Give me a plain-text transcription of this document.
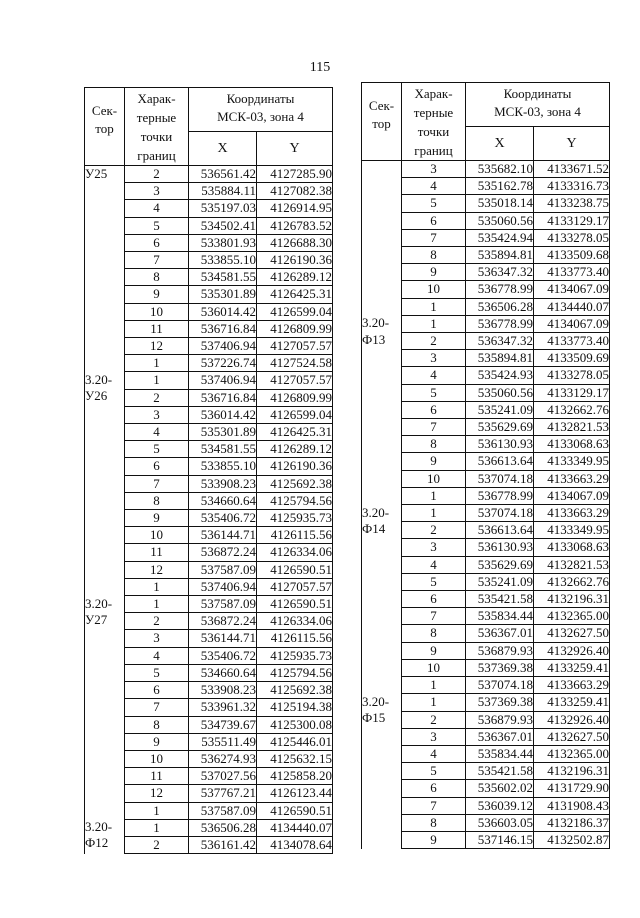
115
Сек-
тор	Харак-
терные
точки
границ	Координаты
МСК-03, зона 4	
		X	Y
У25	2	536561.42	4127285.90
	3	535884.11	4127082.38
	4	535197.03	4126914.95
	5	534502.41	4126783.52
	6	533801.93	4126688.30
	7	533855.10	4126190.36
	8	534581.55	4126289.12
	9	535301.89	4126425.31
	10	536014.42	4126599.04
	11	536716.84	4126809.99
	12	537406.94	4127057.57
	1	537226.74	4127524.58
3.20-
У26	1	537406.94	4127057.57
	2	536716.84	4126809.99
	3	536014.42	4126599.04
	4	535301.89	4126425.31
	5	534581.55	4126289.12
	6	533855.10	4126190.36
	7	533908.23	4125692.38
	8	534660.64	4125794.56
	9	535406.72	4125935.73
	10	536144.71	4126115.56
	11	536872.24	4126334.06
	12	537587.09	4126590.51
	1	537406.94	4127057.57
3.20-
У27	1	537587.09	4126590.51
	2	536872.24	4126334.06
	3	536144.71	4126115.56
	4	535406.72	4125935.73
	5	534660.64	4125794.56
	6	533908.23	4125692.38
	7	533961.32	4125194.38
	8	534739.67	4125300.08
	9	535511.49	4125446.01
	10	536274.93	4125632.15
	11	537027.56	4125858.20
	12	537767.21	4126123.44
	1	537587.09	4126590.51
3.20-
Ф12	1	536506.28	4134440.07
	2	536161.42	4134078.64
Сек-
тор	Харак-
терные
точки
границ	Координаты
МСК-03, зона 4	
		X	Y
	3	535682.10	4133671.52
	4	535162.78	4133316.73
	5	535018.14	4133238.75
	6	535060.56	4133129.17
	7	535424.94	4133278.05
	8	535894.81	4133509.68
	9	536347.32	4133773.40
	10	536778.99	4134067.09
	1	536506.28	4134440.07
3.20-
Ф13	1	536778.99	4134067.09
	2	536347.32	4133773.40
	3	535894.81	4133509.69
	4	535424.93	4133278.05
	5	535060.56	4133129.17
	6	535241.09	4132662.76
	7	535629.69	4132821.53
	8	536130.93	4133068.63
	9	536613.64	4133349.95
	10	537074.18	4133663.29
	1	536778.99	4134067.09
3.20-
Ф14	1	537074.18	4133663.29
	2	536613.64	4133349.95
	3	536130.93	4133068.63
	4	535629.69	4132821.53
	5	535241.09	4132662.76
	6	535421.58	4132196.31
	7	535834.44	4132365.00
	8	536367.01	4132627.50
	9	536879.93	4132926.40
	10	537369.38	4133259.41
	1	537074.18	4133663.29
3.20-
Ф15	1	537369.38	4133259.41
	2	536879.93	4132926.40
	3	536367.01	4132627.50
	4	535834.44	4132365.00
	5	535421.58	4132196.31
	6	535602.02	4131729.90
	7	536039.12	4131908.43
	8	536603.05	4132186.37
	9	537146.15	4132502.87
